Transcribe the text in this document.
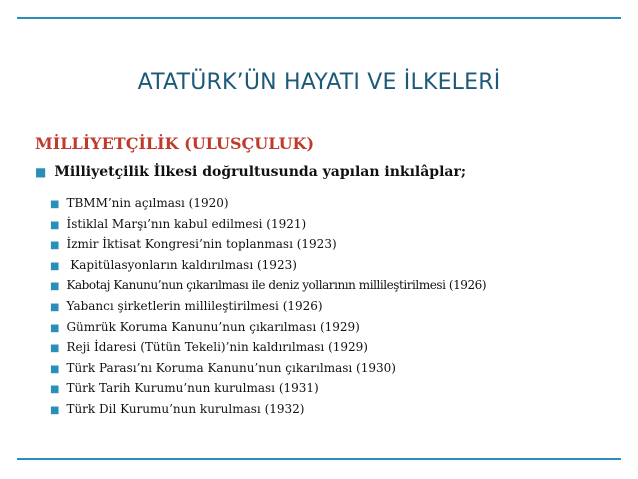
ATATÜRK’ÜN HAYATI VE İLKELERİ
MİLLİYETÇİLİK (ULUSÇULUK)
■ Milliyetçilik İlkesi doğrultusunda yapılan inkılâplar;
■ TBMM’nin açılması (1920)
■ İstiklal Marşı’nın kabul edilmesi (1921)
■ İzmir İktisat Kongresi’nin toplanması (1923)
■ Kapitülasyonların kaldırılması (1923)
■ Kabotaj Kanunu’nun çıkarılması ile deniz yollarının millileştirilmesi (1926)
■ Yabancı şirketlerin millileştirilmesi (1926)
■ Gümrük Koruma Kanunu’nun çıkarılması (1929)
■ Reji İdaresi (Tütün Tekeli)’nin kaldırılması (1929)
■ Türk Parası’nı Koruma Kanunu’nun çıkarılması (1930)
■ Türk Tarih Kurumu’nun kurulması (1931)
■ Türk Dil Kurumu’nun kurulması (1932)
